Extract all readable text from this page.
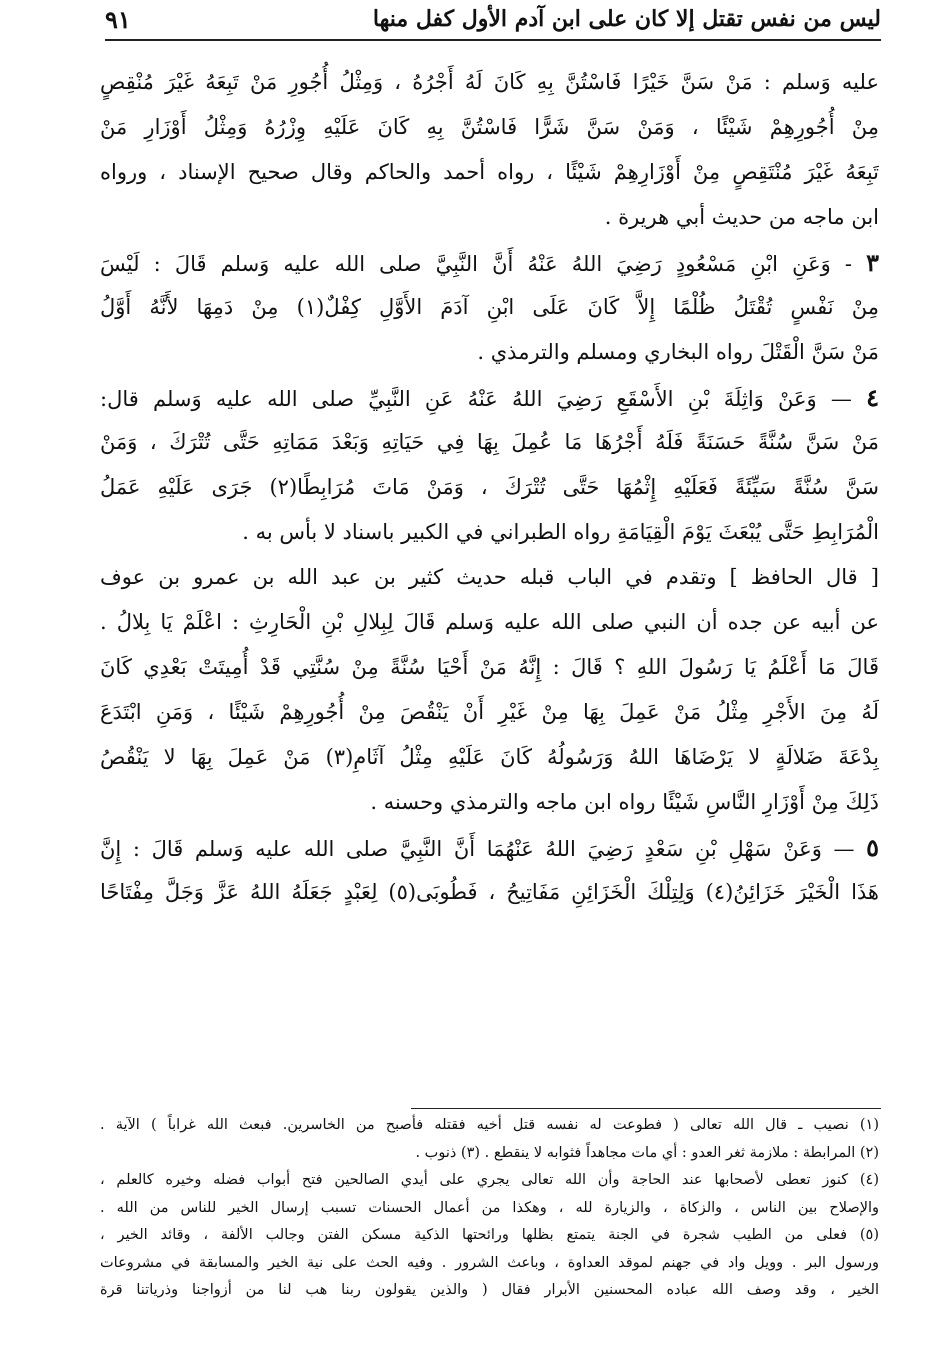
ليس من نفس تقتل إلا كان على ابن آدم الأول كفل منها
٩١
عليه وَسلم : مَنْ سَنَّ خَيْرًا فَاسْتُنَّ بِهِ كَانَ لَهُ أَجْرُهُ ، وَمِثْلُ أُجُورِ مَنْ تَبِعَهُ غَيْرَ مُنْقِصٍ
مِنْ أُجُورِهِمْ شَيْئًا ، وَمَنْ سَنَّ شَرًّا فَاسْتُنَّ بِهِ كَانَ عَلَيْهِ وِزْرُهُ وَمِثْلُ أَوْزَارِ مَنْ
تَبِعَهُ غَيْرَ مُنْتَقِصٍ مِنْ أَوْزَارِهِمْ شَيْئًا ، رواه أحمد والحاكم وقال صحيح الإسناد ، ورواه
ابن ماجه من حديث أبي هريرة .
٣ - وَعَنِ ابْنِ مَسْعُودٍ رَضِيَ اللهُ عَنْهُ أَنَّ النَّبِيَّ صلى الله عليه وَسلم قَالَ : لَيْسَ
مِنْ نَفْسٍ تُقْتَلُ ظُلْمًا إِلاَّ كَانَ عَلَى ابْنِ آدَمَ الأَوَّلِ كِفْلٌ(١) مِنْ دَمِهَا لأَنَّهُ أَوَّلُ
مَنْ سَنَّ الْقَتْلَ رواه البخاري ومسلم والترمذي .
٤ — وَعَنْ وَاثِلَةَ بْنِ الأَسْقَعِ رَضِيَ اللهُ عَنْهُ عَنِ النَّبِيِّ صلى الله عليه وَسلم قال:
مَنْ سَنَّ سُنَّةً حَسَنَةً فَلَهُ أَجْرُهَا مَا عُمِلَ بِهَا فِي حَيَاتِهِ وَبَعْدَ مَمَاتِهِ حَتَّى تُتْرَكَ ، وَمَنْ
سَنَّ سُنَّةً سَيِّئَةً فَعَلَيْهِ إِثْمُهَا حَتَّى تُتْرَكَ ، وَمَنْ مَاتَ مُرَابِطًا(٢) جَرَى عَلَيْهِ عَمَلُ
الْمُرَابِطِ حَتَّى يُبْعَثَ يَوْمَ الْقِيَامَةِ رواه الطبراني في الكبير باسناد لا بأس به .
[ قال الحافظ ] وتقدم في الباب قبله حديث كثير بن عبد الله بن عمرو بن عوف
عن أبيه عن جده أن النبي صلى الله عليه وَسلم قَالَ لِبِلالِ بْنِ الْحَارِثِ : اعْلَمْ يَا بِلالُ .
قَالَ مَا أَعْلَمُ يَا رَسُولَ اللهِ ؟ قَالَ : إِنَّهُ مَنْ أَحْيَا سُنَّةً مِنْ سُنَّتِي قَدْ أُمِيتَتْ بَعْدِي كَانَ
لَهُ مِنَ الأَجْرِ مِثْلُ مَنْ عَمِلَ بِهَا مِنْ غَيْرِ أَنْ يَنْقُصَ مِنْ أُجُورِهِمْ شَيْئًا ، وَمَنِ ابْتَدَعَ
بِدْعَةَ ضَلالَةٍ لا يَرْضَاهَا اللهُ وَرَسُولُهُ كَانَ عَلَيْهِ مِثْلُ آثَامِ(٣) مَنْ عَمِلَ بِهَا لا يَنْقُصُ
ذَلِكَ مِنْ أَوْزَارِ النَّاسِ شَيْئًا رواه ابن ماجه والترمذي وحسنه .
٥ — وَعَنْ سَهْلِ بْنِ سَعْدٍ رَضِيَ اللهُ عَنْهُمَا أَنَّ النَّبِيَّ صلى الله عليه وَسلم قَالَ : إِنَّ
هَذَا الْخَيْرَ خَزَائِنُ(٤) وَلِتِلْكَ الْخَزَائِنِ مَفَاتِيحُ ، فَطُوبَى(٥) لِعَبْدٍ جَعَلَهُ اللهُ عَزَّ وَجَلَّ مِفْتَاحًا
(١) نصيب ـ قال الله تعالى ( فطوعت له نفسه قتل أخيه فقتله فأصبح من الخاسرين. فبعث الله غراباً ) الآية .
(٢) المرابطة : ملازمة ثغر العدو : أي مات مجاهداً فثوابه لا ينقطع . (٣) ذنوب .
(٤) كنوز تعطى لأصحابها عند الحاجة وأن الله تعالى يجري على أيدي الصالحين فتح أبواب فضله وخيره كالعلم ،
والإصلاح بين الناس ، والزكاة ، والزيارة لله ، وهكذا من أعمال الحسنات تسبب إرسال الخير للناس من الله .
(٥) فعلى من الطيب شجرة في الجنة يتمتع بظلها ورائحتها الذكية مسكن الفتن وجالب الألفة ، وقائد الخير ،
ورسول البر . وويل واد في جهنم لموقد العداوة ، وباعث الشرور . وفيه الحث على نية الخير والمسابقة في مشروعات
الخير ، وقد وصف الله عباده المحسنين الأبرار فقال ( والذين يقولون ربنا هب لنا من أزواجنا وذرياتنا قرة
